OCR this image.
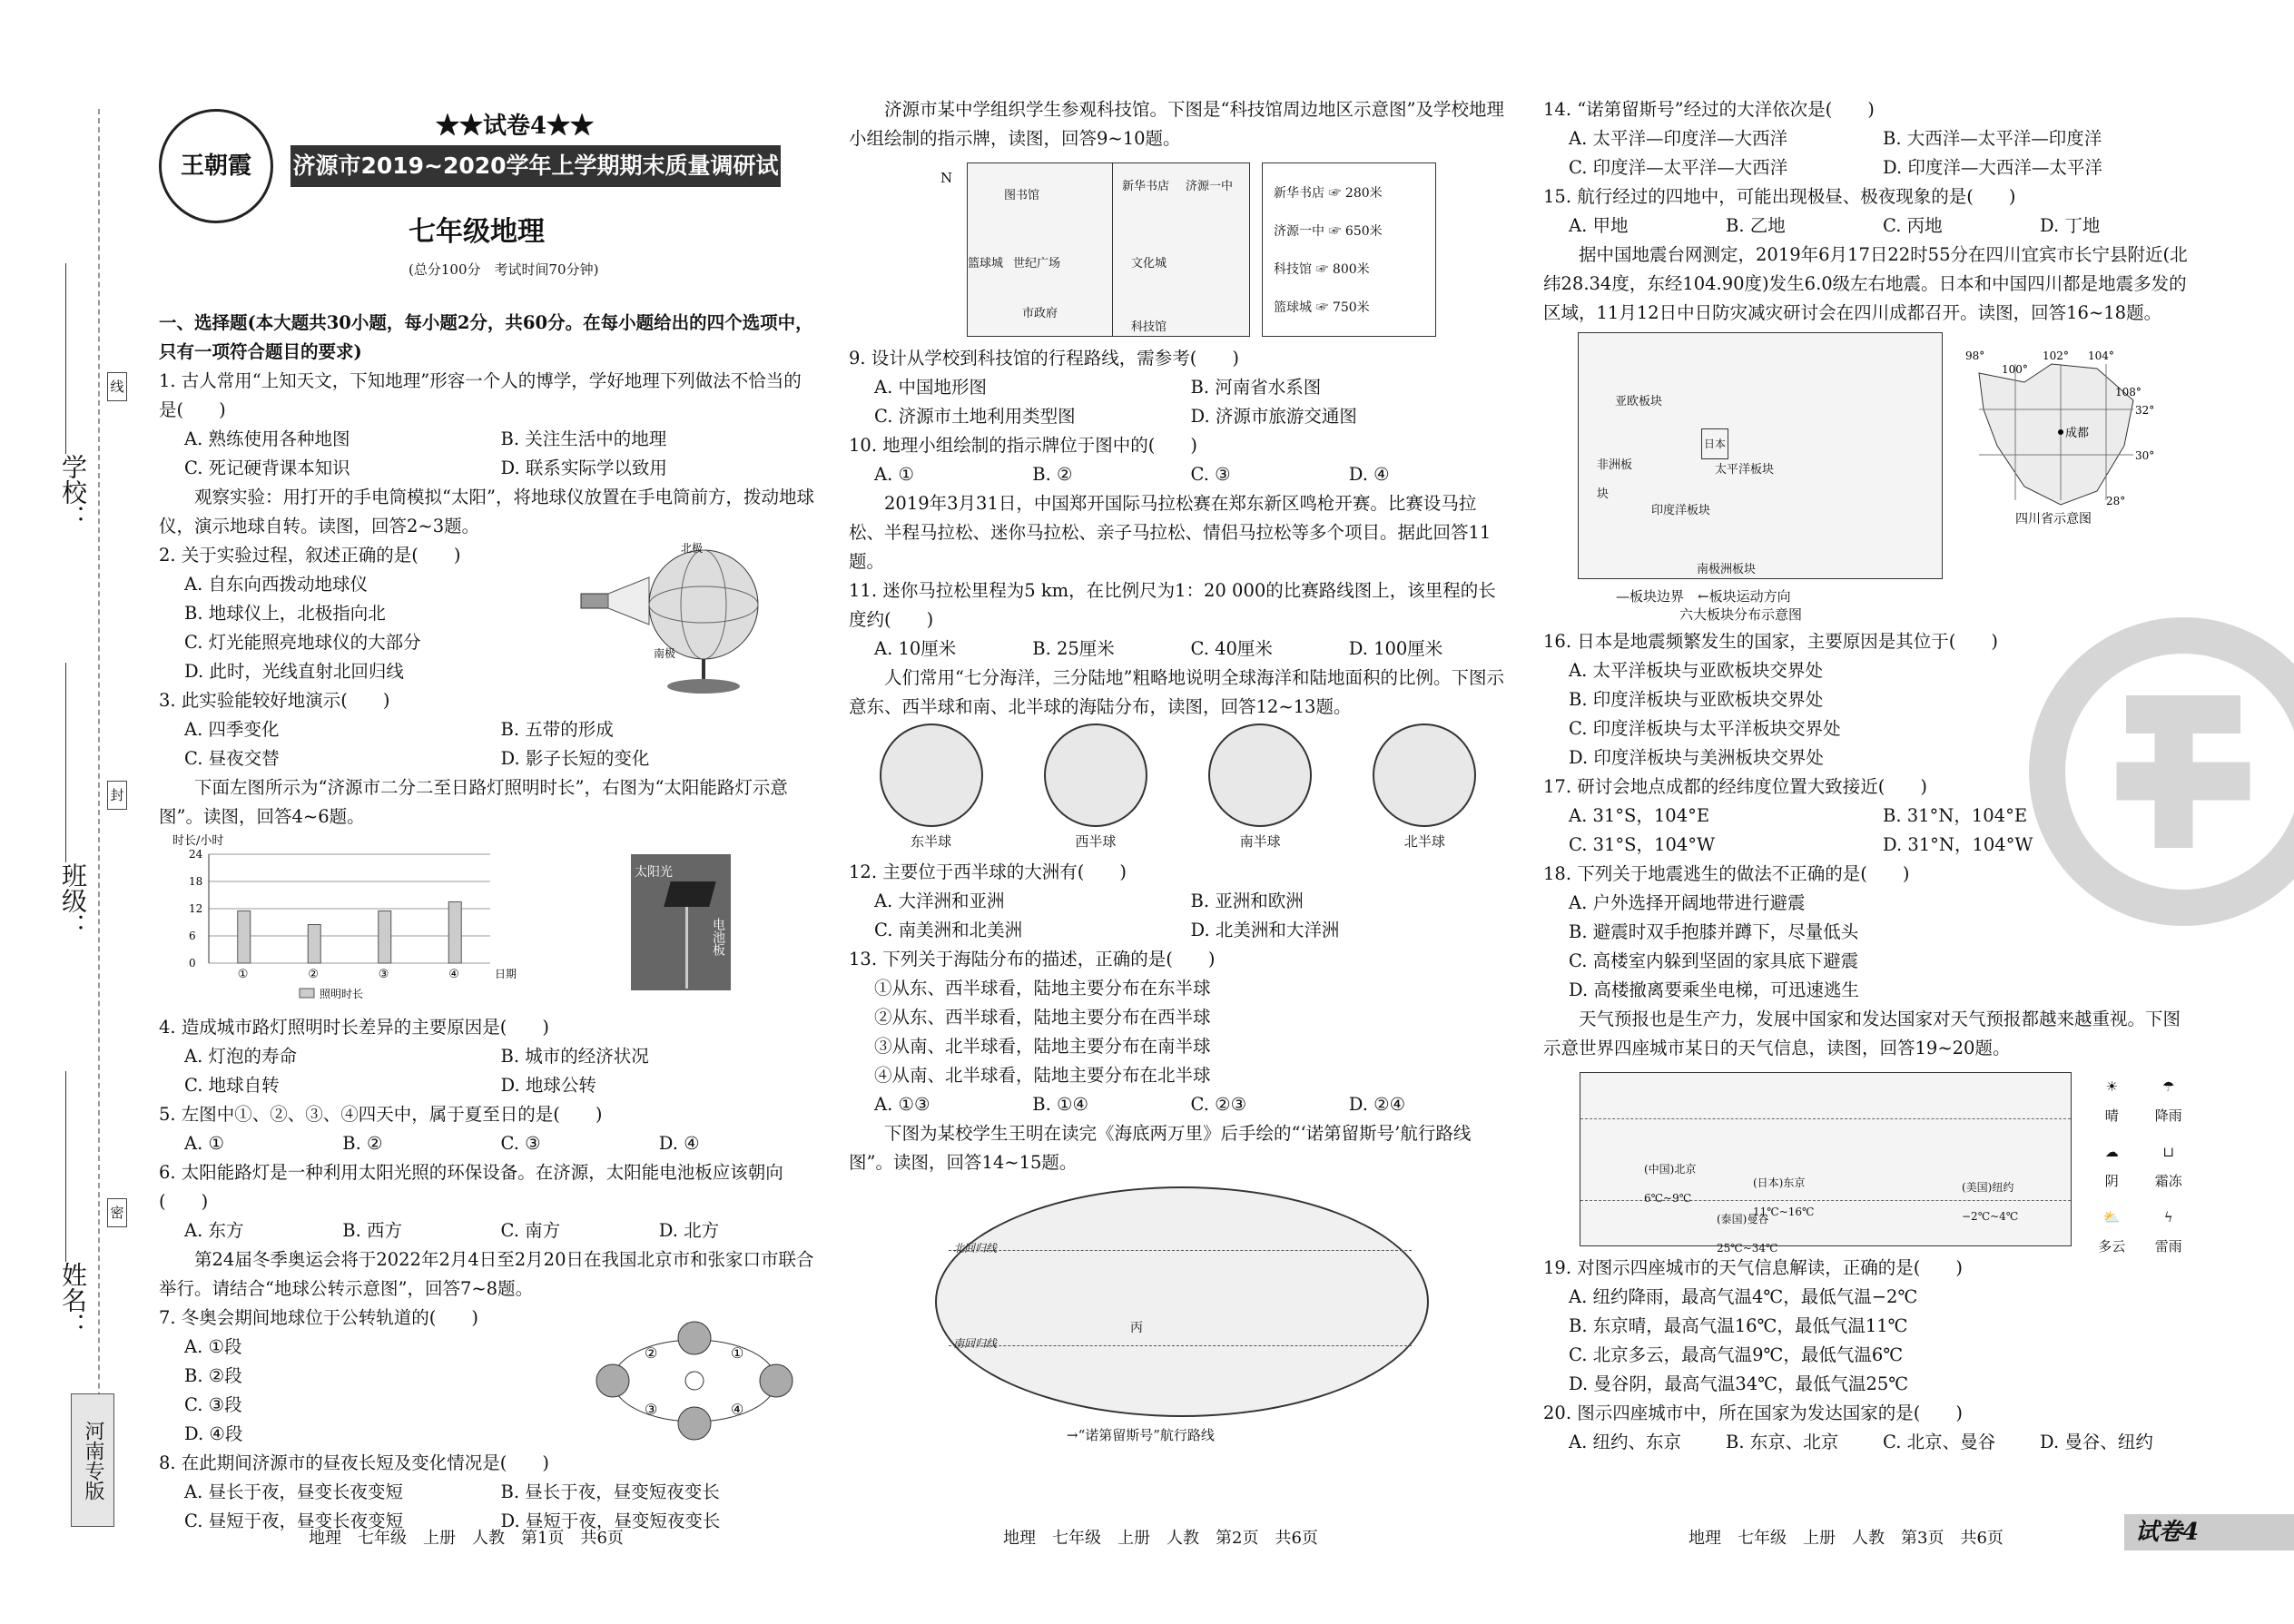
线
封
密
学校：
班级：
姓名：
河南专版
王朝霞
★★试卷4★★
济源市2019~2020学年上学期期末质量调研试题
七年级地理
(总分100分　考试时间70分钟)

一、选择题(本大题共30小题，每小题2分，共60分。在每小题给出的四个选项中，只有一项符合题目的要求)

1. 古人常用“上知天文，下知地理”形容一个人的博学，学好地理下列做法不恰当的是(　　)

A. 熟练使用各种地图	B. 关注生活中的地理
C. 死记硬背课本知识	D. 联系实际学以致用

观察实验：用打开的手电筒模拟“太阳”，将地球仪放置在手电筒前方，拨动地球仪，演示地球自转。读图，回答2~3题。

2. 关于实验过程，叙述正确的是(　　)

A. 自东向西拨动地球仪
B. 地球仪上，北极指向北
C. 灯光能照亮地球仪的大部分
D. 此时，光线直射北回归线
北极
南极

3. 此实验能较好地演示(　　)

A. 四季变化	B. 五带的形成
C. 昼夜交替	D. 影子长短的变化

下面左图所示为“济源市二分二至日路灯照明时长”，右图为“太阳能路灯示意图”。读图，回答4~6题。

时长/小时
0
6
12
18
24
①	②	③	④	日期
照明时长
太阳光
电池板

4. 造成城市路灯照明时长差异的主要原因是(　　)

A. 灯泡的寿命	B. 城市的经济状况
C. 地球自转	D. 地球公转

5. 左图中①、②、③、④四天中，属于夏至日的是(　　)

A. ①	B. ②	C. ③	D. ④

6. 太阳能路灯是一种利用太阳光照的环保设备。在济源，太阳能电池板应该朝向(　　)

A. 东方	B. 西方	C. 南方	D. 北方

第24届冬季奥运会将于2022年2月4日至2月20日在我国北京市和张家口市联合举行。请结合“地球公转示意图”，回答7~8题。

7. 冬奥会期间地球位于公转轨道的(　　)

A. ①段
B. ②段
C. ③段
D. ④段
②	①
③	④

8. 在此期间济源市的昼夜长短及变化情况是(　　)

A. 昼长于夜，昼变长夜变短	B. 昼长于夜，昼变短夜变长
C. 昼短于夜，昼变长夜变短	D. 昼短于夜，昼变短夜变长

济源市某中学组织学生参观科技馆。下图是“科技馆周边地区示意图”及学校地理小组绘制的指示牌，读图，回答9~10题。

N
图书馆
篮球城 世纪广场
市政府
新华书店 济源一中
文化城
科技馆
新华书店 ☞ 280米
济源一中 ☞ 650米
科技馆 ☞ 800米
篮球城 ☞ 750米

9. 设计从学校到科技馆的行程路线，需参考(　　)

A. 中国地形图	B. 河南省水系图
C. 济源市土地利用类型图	D. 济源市旅游交通图

10. 地理小组绘制的指示牌位于图中的(　　)

A. ①	B. ②	C. ③	D. ④

2019年3月31日，中国郑开国际马拉松赛在郑东新区鸣枪开赛。比赛设马拉松、半程马拉松、迷你马拉松、亲子马拉松、情侣马拉松等多个项目。据此回答11题。

11. 迷你马拉松里程为5 km，在比例尺为1：20 000的比赛路线图上，该里程的长度约(　　)

A. 10厘米	B. 25厘米	C. 40厘米	D. 100厘米

人们常用“七分海洋，三分陆地”粗略地说明全球海洋和陆地面积的比例。下图示意东、西半球和南、北半球的海陆分布，读图，回答12~13题。

东半球	西半球	南半球	北半球

12. 主要位于西半球的大洲有(　　)

A. 大洋洲和亚洲	B. 亚洲和欧洲
C. 南美洲和北美洲	D. 北美洲和大洋洲

13. 下列关于海陆分布的描述，正确的是(　　)

①从东、西半球看，陆地主要分布在东半球
②从东、西半球看，陆地主要分布在西半球
③从南、北半球看，陆地主要分布在南半球
④从南、北半球看，陆地主要分布在北半球
A. ①③	B. ①④	C. ②③	D. ②④

下图为某校学生王明在读完《海底两万里》后手绘的“‘诺第留斯号’航行路线图”。读图，回答14~15题。

北回归线
南回归线
丙
→“诺第留斯号”航行路线

14. “诺第留斯号”经过的大洋依次是(　　)

A. 太平洋—印度洋—大西洋	B. 大西洋—太平洋—印度洋
C. 印度洋—太平洋—大西洋	D. 印度洋—大西洋—太平洋

15. 航行经过的四地中，可能出现极昼、极夜现象的是(　　)

A. 甲地	B. 乙地	C. 丙地	D. 丁地

据中国地震台网测定，2019年6月17日22时55分在四川宜宾市长宁县附近(北纬28.34度，东经104.90度)发生6.0级左右地震。日本和中国四川都是地震多发的区域，11月12日中日防灾减灾研讨会在四川成都召开。读图，回答16~18题。

亚欧板块
非洲板块
印度洋板块
太平洋板块
南极洲板块
日本
—板块边界　←板块运动方向
六大板块分布示意图
成都
98°
100°
102° 104°
108°
32°
30°
28°
四川省示意图

16. 日本是地震频繁发生的国家，主要原因是其位于(　　)

A. 太平洋板块与亚欧板块交界处
B. 印度洋板块与亚欧板块交界处
C. 印度洋板块与太平洋板块交界处
D. 印度洋板块与美洲板块交界处

17. 研讨会地点成都的经纬度位置大致接近(　　)

A. 31°S，104°E	B. 31°N，104°E
C. 31°S，104°W	D. 31°N，104°W

18. 下列关于地震逃生的做法不正确的是(　　)

A. 户外选择开阔地带进行避震
B. 避震时双手抱膝并蹲下，尽量低头
C. 高楼室内躲到坚固的家具底下避震
D. 高楼撤离要乘坐电梯，可迅速逃生

天气预报也是生产力，发展中国家和发达国家对天气预报都越来越重视。下图示意世界四座城市某日的天气信息，读图，回答19~20题。

(中国)北京 6℃~9℃
(日本)东京 11℃~16℃
(美国)纽约 −2℃~4℃
(泰国)曼谷 25℃~34℃
☀
晴
☂
降雨
☁
阴
⊔
霜冻
⛅
多云
ϟ
雷雨

19. 对图示四座城市的天气信息解读，正确的是(　　)

A. 纽约降雨，最高气温4℃，最低气温−2℃
B. 东京晴，最高气温16℃，最低气温11℃
C. 北京多云，最高气温9℃，最低气温6℃
D. 曼谷阴，最高气温34℃，最低气温25℃

20. 图示四座城市中，所在国家为发达国家的是(　　)

A. 纽约、东京	B. 东京、北京	C. 北京、曼谷	D. 曼谷、纽约
地理　七年级　上册　人教　第1页　共6页	地理　七年级　上册　人教　第2页　共6页	地理　七年级　上册　人教　第3页　共6页	试卷4
